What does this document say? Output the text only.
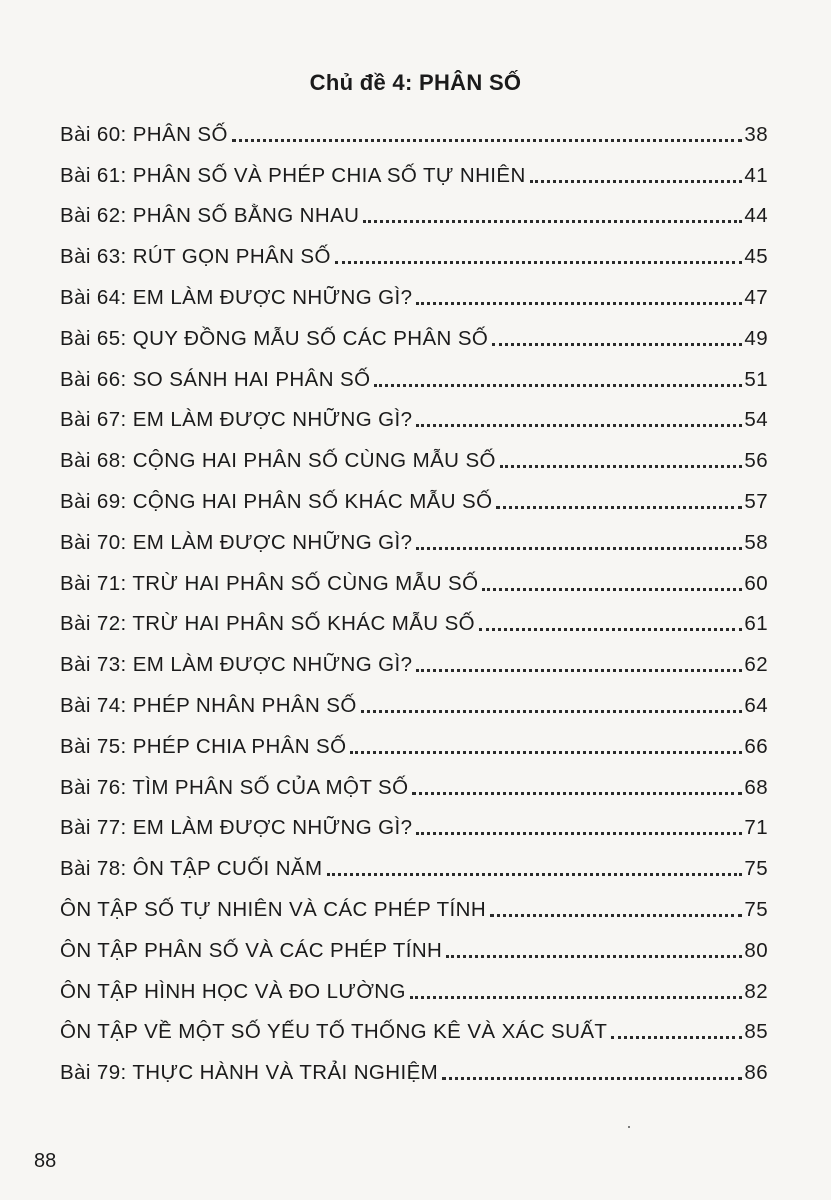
Chủ đề 4: PHÂN SỐ
Bài 60: PHÂN SỐ	38
Bài 61: PHÂN SỐ VÀ PHÉP CHIA SỐ TỰ NHIÊN	41
Bài 62: PHÂN SỐ BẰNG NHAU	44
Bài 63: RÚT GỌN PHÂN SỐ	45
Bài 64: EM LÀM ĐƯỢC NHỮNG GÌ?	47
Bài 65: QUY ĐỒNG MẪU SỐ CÁC PHÂN SỐ	49
Bài 66: SO SÁNH HAI PHÂN SỐ	51
Bài 67: EM LÀM ĐƯỢC NHỮNG GÌ?	54
Bài 68: CỘNG HAI PHÂN SỐ CÙNG MẪU SỐ	56
Bài 69: CỘNG HAI PHÂN SỐ KHÁC MẪU SỐ	57
Bài 70: EM LÀM ĐƯỢC NHỮNG GÌ?	58
Bài 71: TRỪ HAI PHÂN SỐ CÙNG MẪU SỐ	60
Bài 72: TRỪ HAI PHÂN SỐ KHÁC MẪU SỐ	61
Bài 73: EM LÀM ĐƯỢC NHỮNG GÌ?	62
Bài 74: PHÉP NHÂN PHÂN SỐ	64
Bài 75: PHÉP CHIA PHÂN SỐ	66
Bài 76: TÌM PHÂN SỐ CỦA MỘT SỐ	68
Bài 77: EM LÀM ĐƯỢC NHỮNG GÌ?	71
Bài 78: ÔN TẬP CUỐI NĂM	75
ÔN TẬP SỐ TỰ NHIÊN VÀ CÁC PHÉP TÍNH	75
ÔN TẬP PHÂN SỐ VÀ CÁC PHÉP TÍNH	80
ÔN TẬP HÌNH HỌC VÀ ĐO LƯỜNG	82
ÔN TẬP VỀ MỘT SỐ YẾU TỐ THỐNG KÊ VÀ XÁC SUẤT	85
Bài 79: THỰC HÀNH VÀ TRẢI NGHIỆM	86
88
